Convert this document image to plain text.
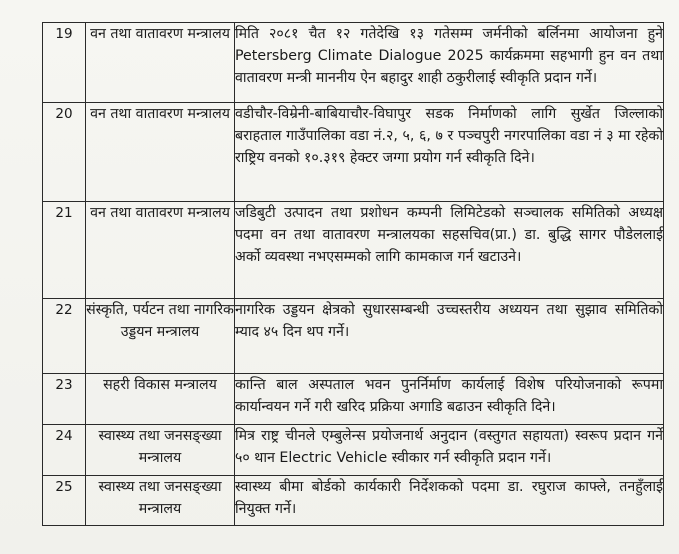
19	वन तथा वातावरण मन्त्रालय	मिति २०८१ चैत १२ गतेदेखि १३ गतेसम्म जर्मनीको बर्लिनमा आयोजना हुने Petersberg Climate Dialogue 2025 कार्यक्रममा सहभागी हुन वन तथा वातावरण मन्त्री माननीय ऐन बहादुर शाही ठकुरीलाई स्वीकृति प्रदान गर्ने।
20	वन तथा वातावरण मन्त्रालय	वडीचौर-विम्रेनी-बाबियाचौर-विघापुर सडक निर्माणको लागि सुर्खेत जिल्लाको बराहताल गाउँपालिका वडा नं.२, ५, ६, ७ र पञ्चपुरी नगरपालिका वडा नं ३ मा रहेको राष्ट्रिय वनको १०.३१९ हेक्टर जग्गा प्रयोग गर्न स्वीकृति दिने।
21	वन तथा वातावरण मन्त्रालय	जडिबुटी उत्पादन तथा प्रशोधन कम्पनी लिमिटेडको सञ्चालक समितिको अध्यक्ष पदमा वन तथा वातावरण मन्त्रालयका सहसचिव(प्रा.) डा. बुद्धि सागर पौडेललाई अर्को व्यवस्था नभएसम्मको लागि कामकाज गर्न खटाउने।
22	संस्कृति, पर्यटन तथा नागरिक उड्डयन मन्त्रालय	नागरिक उड्डयन क्षेत्रको सुधारसम्बन्धी उच्चस्तरीय अध्ययन तथा सुझाव समितिको म्याद ४५ दिन थप गर्ने।
23	सहरी विकास मन्त्रालय	कान्ति बाल अस्पताल भवन पुनर्निर्माण कार्यलाई विशेष परियोजनाको रूपमा कार्यान्वयन गर्ने गरी खरिद प्रक्रिया अगाडि बढाउन स्वीकृति दिने।
24	स्वास्थ्य तथा जनसङ्ख्या मन्त्रालय	मित्र राष्ट्र चीनले एम्बुलेन्स प्रयोजनार्थ अनुदान (वस्तुगत सहायता) स्वरूप प्रदान गर्ने ५० थान Electric Vehicle स्वीकार गर्न स्वीकृति प्रदान गर्ने।
25	स्वास्थ्य तथा जनसङ्ख्या मन्त्रालय	स्वास्थ्य बीमा बोर्डको कार्यकारी निर्देशकको पदमा डा. रघुराज काफ्ले, तनहुँलाई नियुक्त गर्ने।
